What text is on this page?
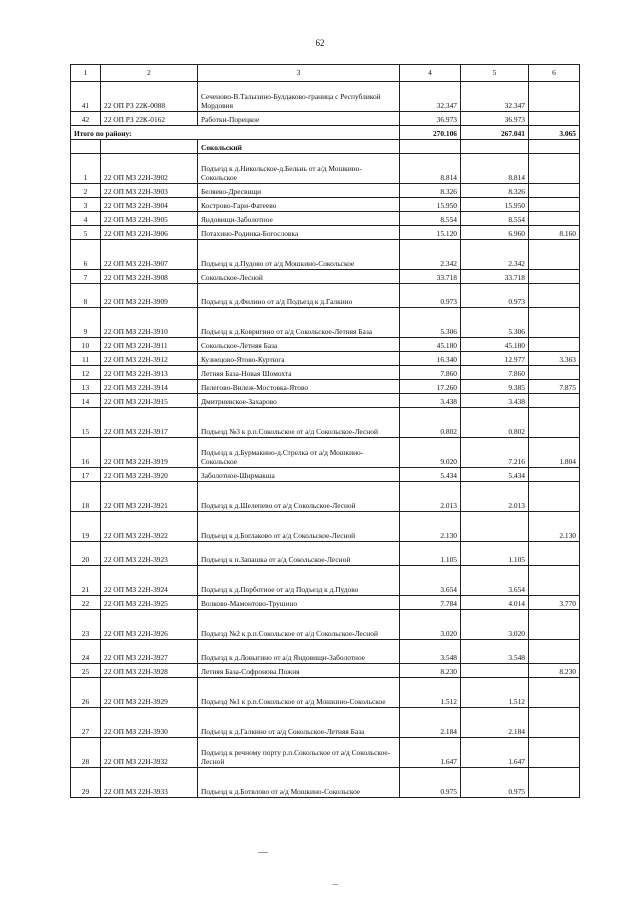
62
1	2	3	4	5	6
41	22 ОП РЗ 22К-0088	Сеченово-В.Талызино-Булдаково-граница с Республикой Мордовия	32.347	32.347	
42	22 ОП РЗ 22К-0162	Работки-Порецкое	36.973	36.973	
Итого по району:			270.106	267.041	3.065
		Сокольский			
1	22 ОП МЗ 22Н-3902	Подъезд к д.Никольское-д.Бельнь от а/д Мошкино-Сокольское	8.814	8.814	
2	22 ОП МЗ 22Н-3903	Беляево-Дресвищи	8.326	8.326	
3	22 ОП МЗ 22Н-3904	Кострово-Гари-Фатеево	15.950	15.950	
4	22 ОП МЗ 22Н-3905	Яндовищи-Заболотное	8.554	8.554	
5	22 ОП МЗ 22Н-3906	Потахино-Родинка-Богословка	15.120	6.960	8.160
6	22 ОП МЗ 22Н-3907	Подъезд к д.Пудово от а/д Мошкино-Сокольское	2.342	2.342	
7	22 ОП МЗ 22Н-3908	Сокольское-Лесной	33.718	33.718	
8	22 ОП МЗ 22Н-3909	Подъезд к д.Филино от а/д Подъезд к д.Галкино	0.973	0.973	
9	22 ОП МЗ 22Н-3910	Подъезд к д.Ковригино от а/д Сокольское-Летняя База	5.306	5.306	
10	22 ОП МЗ 22Н-3911	Сокольское-Летняя База	45.180	45.180	
11	22 ОП МЗ 22Н-3912	Кузнецово-Ятово-Куртюга	16.340	12.977	3.363
12	22 ОП МЗ 22Н-3913	Летняя База-Новая Шомохта	7.860	7.860	
13	22 ОП МЗ 22Н-3914	Пелегово-Вилеж-Мостовка-Ятово	17.260	9.385	7.875
14	22 ОП МЗ 22Н-3915	Дмитриевское-Захарово	3.438	3.438	
15	22 ОП МЗ 22Н-3917	Подъезд №3 к р.п.Сокольское от а/д Сокольское-Лесной	0.802	0.802	
16	22 ОП МЗ 22Н-3919	Подъезд к д.Бурмакино-д.Стрелка от а/д Мошкино-Сокольское	9.020	7.216	1.804
17	22 ОП МЗ 22Н-3920	Заболотное-Ширмакша	5.434	5.434	
18	22 ОП МЗ 22Н-3921	Подъезд к д.Шелепево от а/д Сокольское-Лесной	2.013	2.013	
19	22 ОП МЗ 22Н-3922	Подъезд к д.Боглаково от а/д Сокольское-Лесной	2.130		2.130
20	22 ОП МЗ 22Н-3923	Подъезд к п.Запашка от а/д Сокольское-Лесной	1.105	1.105	
21	22 ОП МЗ 22Н-3924	Подъезд к д.Порботное от а/д Подъезд к д.Пудово	3.654	3.654	
22	22 ОП МЗ 22Н-3925	Волково-Мамонтово-Трушино	7.784	4.014	3.770
23	22 ОП МЗ 22Н-3926	Подъезд №2 к р.п.Сокольское от а/д Сокольское-Лесной	3.020	3.020	
24	22 ОП МЗ 22Н-3927	Подъезд к д.Ловыгино от а/д Яндовищи-Заболотное	3.548	3.548	
25	22 ОП МЗ 22Н-3928	Летняя База-Софронова Пожня	8.230		8.230
26	22 ОП МЗ 22Н-3929	Подъезд №1 к р.п.Сокольское от а/д Мошкино-Сокольское	1.512	1.512	
27	22 ОП МЗ 22Н-3930	Подъезд к д.Галкино от а/д Сокольское-Летняя База	2.184	2.184	
28	22 ОП МЗ 22Н-3932	Подъезд к речному порту р.п.Сокольское от а/д Сокольское-Лесной	1.647	1.647	
29	22 ОП МЗ 22Н-3933	Подъезд к д.Ботвлово от а/д Мошкино-Сокольское	0.975	0.975	
